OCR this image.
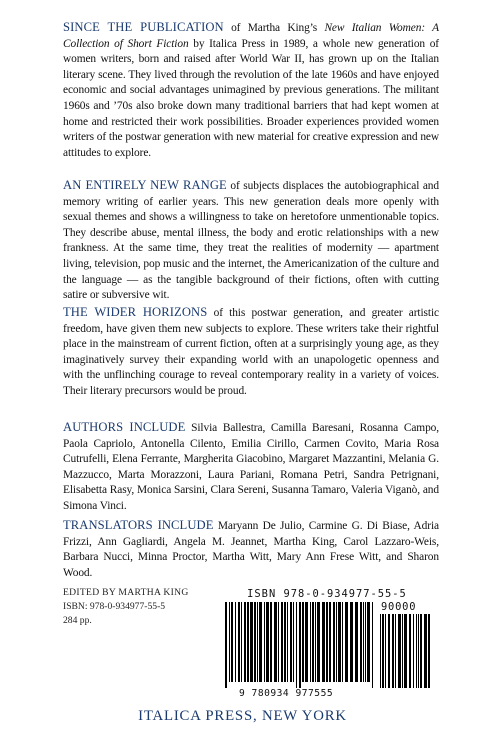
SINCE THE PUBLICATION of Martha King’s New Italian Women: A Collection of Short Fiction by Italica Press in 1989, a whole new generation of women writers, born and raised after World War II, has grown up on the Italian literary scene. They lived through the revolution of the late 1960s and have enjoyed economic and social advantages unimagined by previous generations. The militant 1960s and ’70s also broke down many traditional barriers that had kept women at home and restricted their work possibilities. Broader experiences provided women writers of the postwar generation with new material for creative expression and new attitudes to explore.

AN ENTIRELY NEW RANGE of subjects displaces the autobiographical and memory writing of earlier years. This new generation deals more openly with sexual themes and shows a willingness to take on heretofore unmentionable topics. They describe abuse, mental illness, the body and erotic relationships with a new frankness. At the same time, they treat the realities of modernity — apartment living, television, pop music and the internet, the Americanization of the culture and the language — as the tangible background of their fictions, often with cutting satire or subversive wit.

THE WIDER HORIZONS of this postwar generation, and greater artistic freedom, have given them new subjects to explore. These writers take their rightful place in the mainstream of current fiction, often at a surprisingly young age, as they imaginatively survey their expanding world with an unapologetic openness and with the unflinching courage to reveal contemporary reality in a variety of voices. Their literary precursors would be proud.

AUTHORS INCLUDE Silvia Ballestra, Camilla Baresani, Rosanna Campo, Paola Capriolo, Antonella Cilento, Emilia Cirillo, Carmen Covito, Maria Rosa Cutrufelli, Elena Ferrante, Margherita Giacobino, Margaret Mazzantini, Melania G. Mazzucco, Marta Morazzoni, Laura Pariani, Romana Petri, Sandra Petrignani, Elisabetta Rasy, Monica Sarsini, Clara Sereni, Susanna Tamaro, Valeria Viganò, and Simona Vinci.

TRANSLATORS INCLUDE Maryann De Julio, Carmine G. Di Biase, Adria Frizzi, Ann Gagliardi, Angela M. Jeannet, Martha King, Carol Lazzaro-Weis, Barbara Nucci, Minna Proctor, Martha Witt, Mary Ann Frese Witt, and Sharon Wood.

EDITED BY MARTHA KING
ISBN: 978-0-934977-55-5
284 pp.
ISBN 978-0-934977-55-5
90000
9 780934 977555
ITALICA PRESS, NEW YORK
